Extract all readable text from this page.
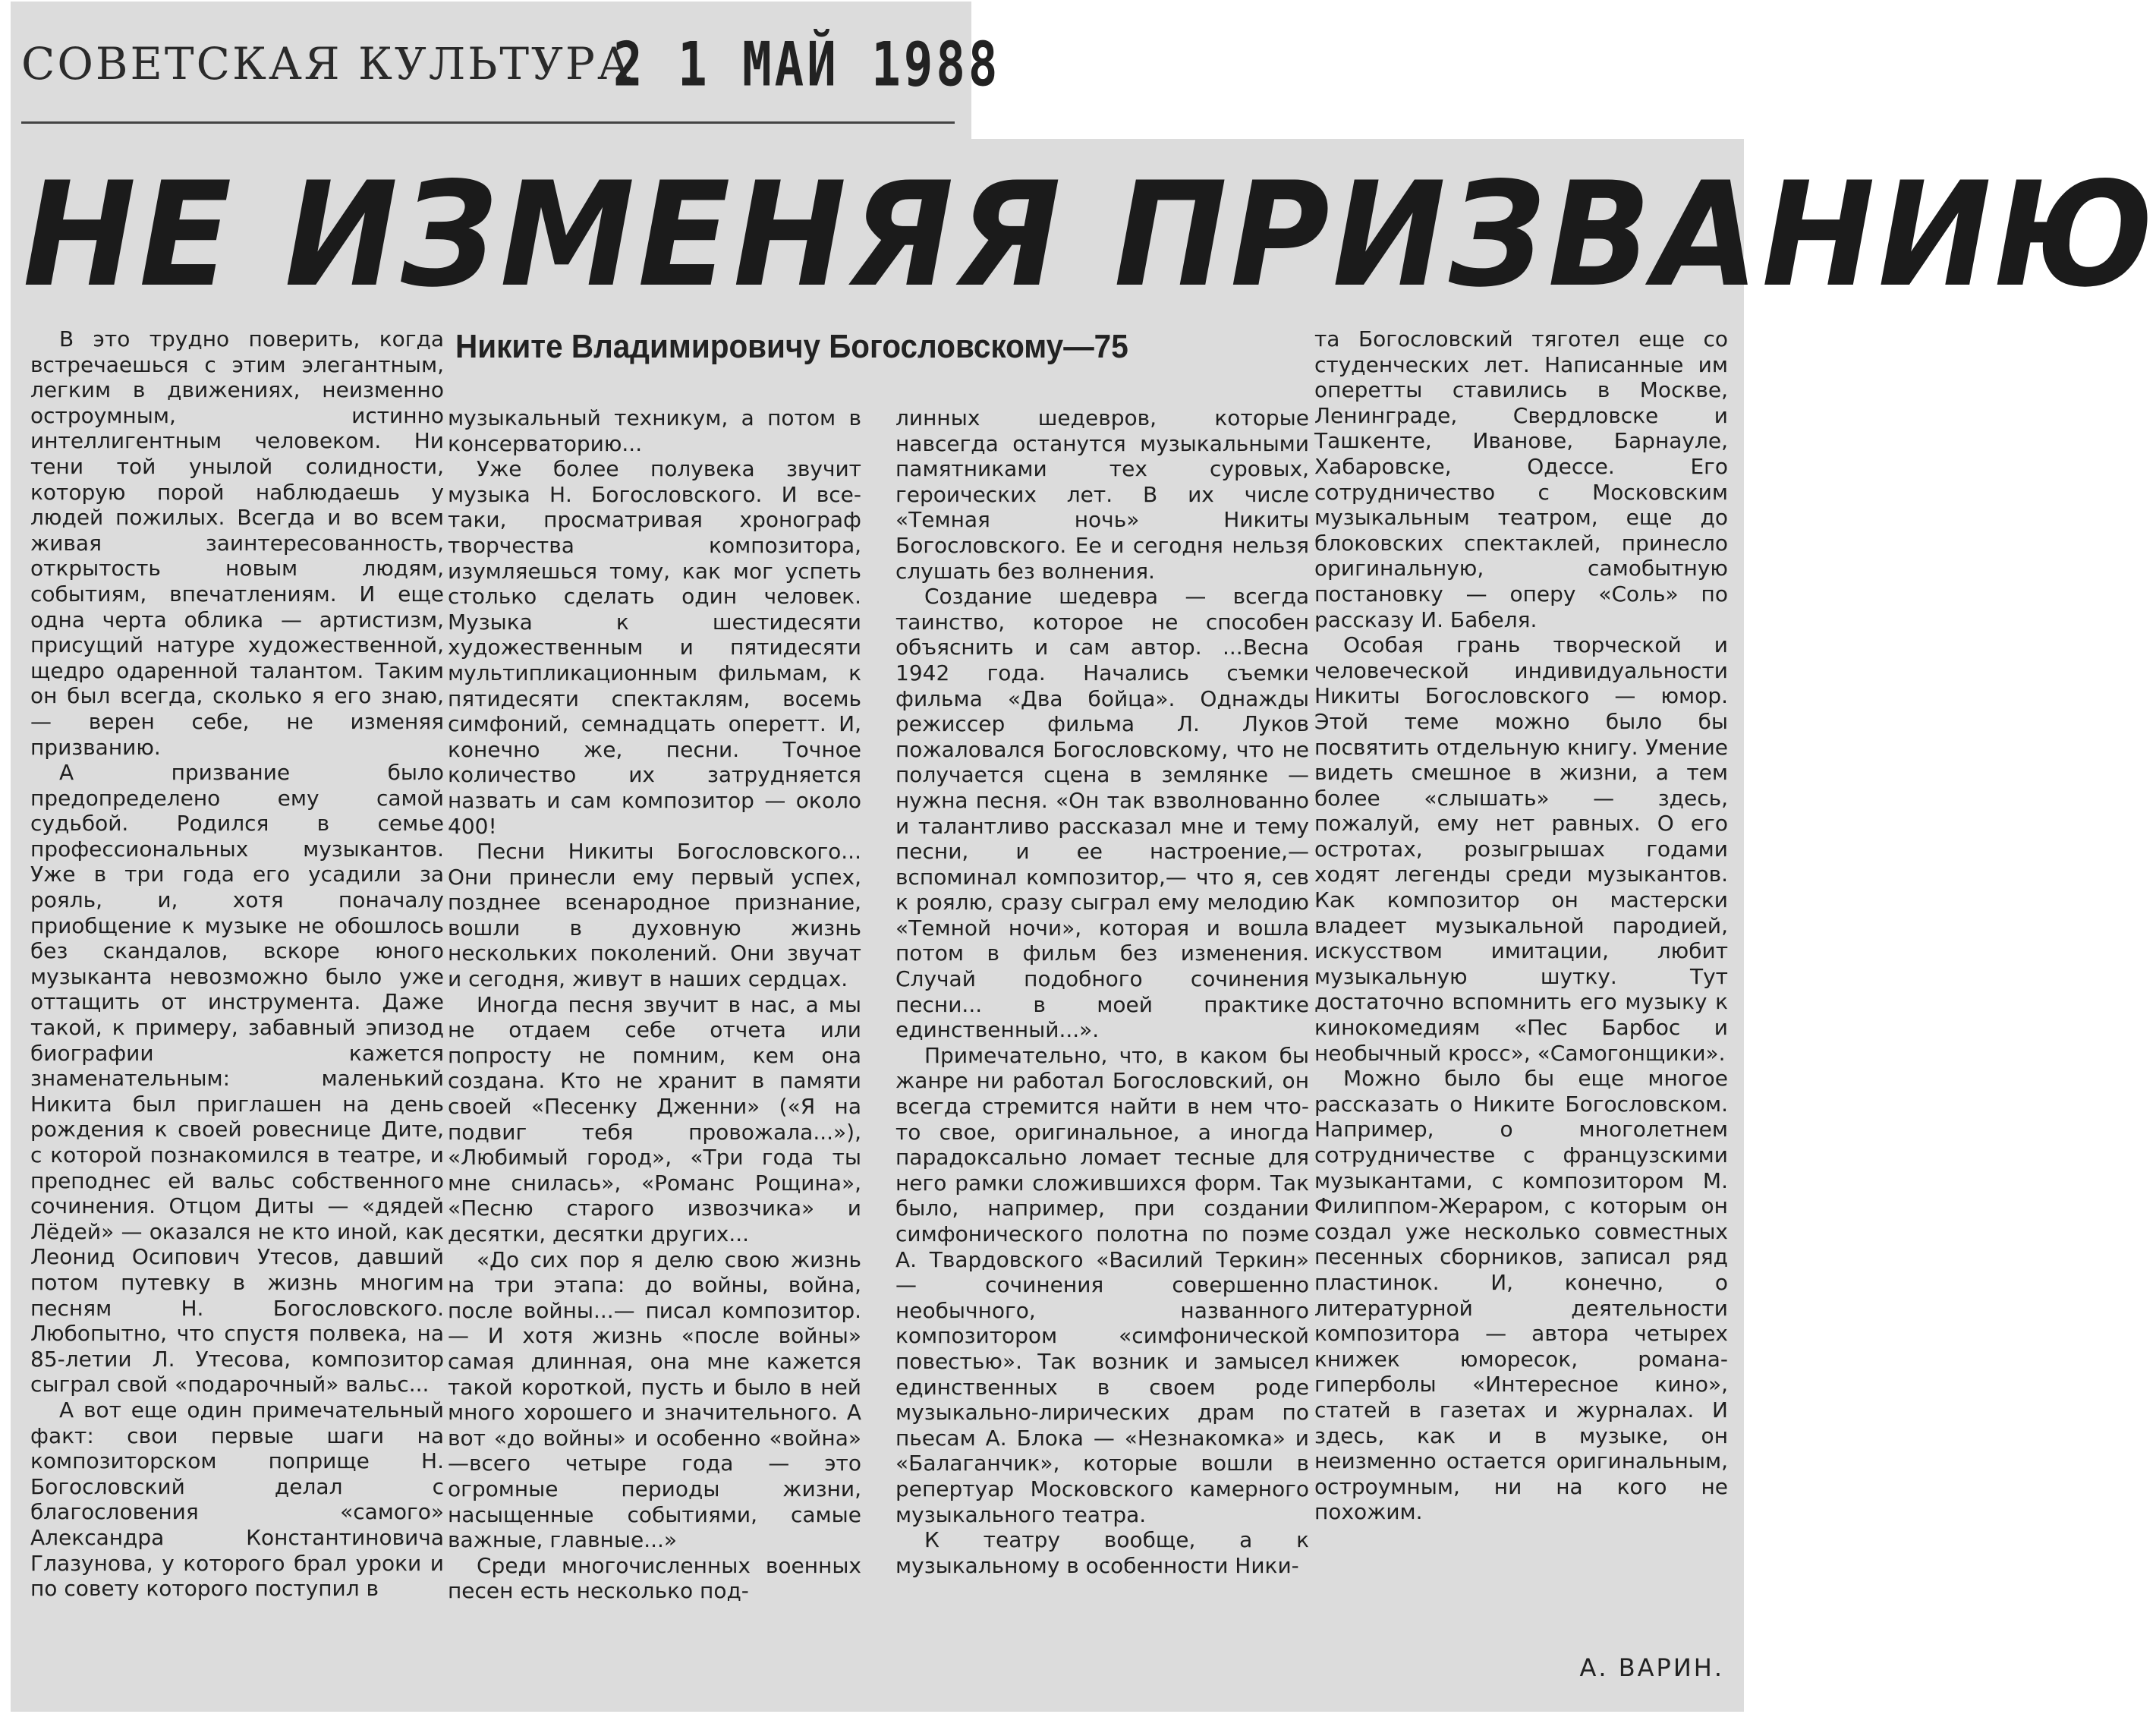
СОВЕТСКАЯ КУЛЬТУРА
2 1 МАЙ 1988
НЕ ИЗМЕНЯЯ ПРИЗВАНИЮ
Никите Владимировичу Богословскому—75

В это трудно поверить, когда встречаешься с этим элегантным, легким в движениях, неизменно остроумным, истинно интеллигентным человеком. Ни тени той унылой солидности, которую порой наблюдаешь у людей пожилых. Всегда и во всем живая заинтересованность, открытость новым людям, событиям, впечатлениям. И еще одна черта облика — артистизм, присущий натуре художественной, щедро одаренной талантом. Таким он был всегда, сколько я его знаю,— верен себе, не изменяя призванию.

А призвание было предопределено ему самой судьбой. Родился в семье профессиональных музыкантов. Уже в три года его усадили за рояль, и, хотя поначалу приобщение к музыке не обошлось без скандалов, вскоре юного музыканта невозможно было уже оттащить от инструмента. Даже такой, к примеру, забавный эпизод биографии кажется знаменательным: маленький Никита был приглашен на день рождения к своей ровеснице Дите, с которой познакомился в театре, и преподнес ей вальс собственного сочинения. Отцом Диты — «дядей Лёдей» — оказался не кто иной, как Леонид Осипович Утесов, давший потом путевку в жизнь многим песням Н. Богословского. Любопытно, что спустя полвека, на 85-летии Л. Утесова, композитор сыграл свой «подарочный» вальс...

А вот еще один примечательный факт: свои первые шаги на композиторском поприще Н. Богословский делал с благословения «самого» Александра Константиновича Глазунова, у которого брал уроки и по совету которого поступил в

музыкальный техникум, а потом в консерваторию...

Уже более полувека звучит музыка Н. Богословского. И все-таки, просматривая хронограф творчества композитора, изумляешься тому, как мог успеть столько сделать один человек. Музыка к шестидесяти художественным и пятидесяти мультипликационным фильмам, к пятидесяти спектаклям, восемь симфоний, семнадцать оперетт. И, конечно же, песни. Точное количество их затрудняется назвать и сам композитор — около 400!

Песни Никиты Богословского... Они принесли ему первый успех, позднее всенародное признание, вошли в духовную жизнь нескольких поколений. Они звучат и сегодня, живут в наших сердцах.

Иногда песня звучит в нас, а мы не отдаем себе отчета или попросту не помним, кем она создана. Кто не хранит в памяти своей «Песенку Дженни» («Я на подвиг тебя провожала...»), «Любимый город», «Три года ты мне снилась», «Романс Рощина», «Песню старого извозчика» и десятки, десятки других...

«До сих пор я делю свою жизнь на три этапа: до войны, война, после войны...— писал композитор.— И хотя жизнь «после войны» самая длинная, она мне кажется такой короткой, пусть и было в ней много хорошего и значительного. А вот «до войны» и особенно «война» —всего четыре года — это огромные периоды жизни, насыщенные событиями, самые важные, главные...»

Среди многочисленных военных песен есть несколько под-

линных шедевров, которые навсегда останутся музыкальными памятниками тех суровых, героических лет. В их числе «Темная ночь» Никиты Богословского. Ее и сегодня нельзя слушать без волнения.

Создание шедевра — всегда таинство, которое не способен объяснить и сам автор. ...Весна 1942 года. Начались съемки фильма «Два бойца». Однажды режиссер фильма Л. Луков пожаловался Богословскому, что не получается сцена в землянке — нужна песня. «Он так взволнованно и талантливо рассказал мне и тему песни, и ее настроение,— вспоминал композитор,— что я, сев к роялю, сразу сыграл ему мелодию «Темной ночи», которая и вошла потом в фильм без изменения. Случай подобного сочинения песни... в моей практике единственный...».

Примечательно, что, в каком бы жанре ни работал Богословский, он всегда стремится найти в нем что-то свое, оригинальное, а иногда парадоксально ломает тесные для него рамки сложившихся форм. Так было, например, при создании симфонического полотна по поэме А. Твардовского «Василий Теркин» — сочинения совершенно необычного, названного композитором «симфонической повестью». Так возник и замысел единственных в своем роде музыкально-лирических драм по пьесам А. Блока — «Незнакомка» и «Балаганчик», которые вошли в репертуар Московского камерного музыкального театра.

К театру вообще, а к музыкальному в особенности Ники-

та Богословский тяготел еще со студенческих лет. Написанные им оперетты ставились в Москве, Ленинграде, Свердловске и Ташкенте, Иванове, Барнауле, Хабаровске, Одессе. Его сотрудничество с Московским музыкальным театром, еще до блоковских спектаклей, принесло оригинальную, самобытную постановку — оперу «Соль» по рассказу И. Бабеля.

Особая грань творческой и человеческой индивидуальности Никиты Богословского — юмор. Этой теме можно было бы посвятить отдельную книгу. Умение видеть смешное в жизни, а тем более «слышать» — здесь, пожалуй, ему нет равных. О его остротах, розыгрышах годами ходят легенды среди музыкантов. Как композитор он мастерски владеет музыкальной пародией, искусством имитации, любит музыкальную шутку. Тут достаточно вспомнить его музыку к кинокомедиям «Пес Барбос и необычный кросс», «Самогонщики».

Можно было бы еще многое рассказать о Никите Богословском. Например, о многолетнем сотрудничестве с французскими музыкантами, с композитором М. Филиппом-Жераром, с которым он создал уже несколько совместных песенных сборников, записал ряд пластинок. И, конечно, о литературной деятельности композитора — автора четырех книжек юморесок, романа-гиперболы «Интересное кино», статей в газетах и журналах. И здесь, как и в музыке, он неизменно остается оригинальным, остроумным, ни на кого не похожим.

А. ВАРИН.
